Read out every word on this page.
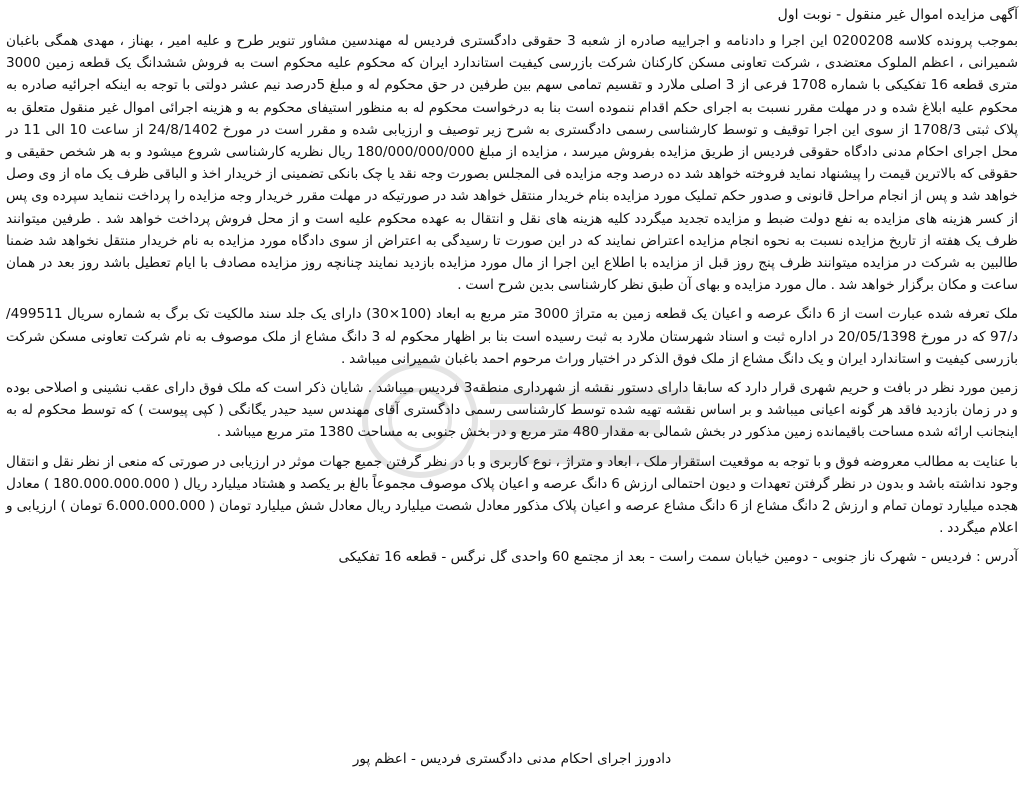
آگهی مزایده اموال غیر منقول - نوبت اول

بموجب پرونده کلاسه 0200208 این اجرا و دادنامه و اجراییه صادره از شعبه 3 حقوقی دادگستری فردیس له مهندسین مشاور تنویر طرح و علیه امیر ، بهناز ، مهدی همگی باغبان شمیرانی ، اعظم الملوک معتضدی ، شرکت تعاونی مسکن کارکنان شرکت بازرسی کیفیت استاندارد ایران که محکوم علیه محکوم است به فروش ششدانگ یک قطعه زمین 3000 متری قطعه 16 تفکیکی با شماره 1708 فرعی از 3 اصلی ملارد و تقسیم تمامی سهم بین طرفین در حق محکوم له و مبلغ 5درصد نیم عشر دولتی با توجه به اینکه اجرائیه صادره به محکوم علیه ابلاغ شده و در مهلت مقرر نسبت به اجرای حکم اقدام ننموده است بنا به درخواست محکوم له به منظور استیفای محکوم به و هزینه اجرائی اموال غیر منقول متعلق به پلاک ثبتی 1708/3 از سوی این اجرا توقیف و توسط کارشناسی رسمی دادگستری به شرح زیر توصیف و ارزیابی شده و مقرر است در مورخ 24/8/1402 از ساعت 10 الی 11 در محل اجرای احکام مدنی دادگاه حقوقی فردیس از طریق مزایده بفروش میرسد ، مزایده از مبلغ 180/000/000/000 ریال نظریه کارشناسی شروع میشود و به هر شخص حقیقی و حقوقی که بالاترین قیمت را پیشنهاد نماید فروخته خواهد شد ده درصد وجه مزایده فی المجلس بصورت وجه نقد یا چک بانکی تضمینی از خریدار اخذ و الباقی ظرف یک ماه از وی وصل خواهد شد و پس از انجام مراحل قانونی و صدور حکم تملیک مورد مزایده بنام خریدار منتقل خواهد شد در صورتیکه در مهلت مقرر خریدار وجه مزایده را پرداخت ننماید سپرده وی پس از کسر هزینه های مزایده به نفع دولت ضبط و مزایده تجدید میگردد کلیه هزینه های نقل و انتقال به عهده محکوم علیه است و از محل فروش پرداخت خواهد شد . طرفین میتوانند ظرف یک هفته از تاریخ مزایده نسبت به نحوه انجام مزایده اعتراض نمایند که در این صورت تا رسیدگی به اعتراض از سوی دادگاه مورد مزایده به نام خریدار منتقل نخواهد شد ضمنا طالبین به شرکت در مزایده میتوانند ظرف پنج روز قبل از مزایده با اطلاع این اجرا از مال مورد مزایده بازدید نمایند چنانچه روز مزایده مصادف با ایام تعطیل باشد روز بعد در همان ساعت و مکان برگزار خواهد شد . مال مورد مزایده و بهای آن طبق نظر کارشناسی بدین شرح است .

ملک تعرفه شده عبارت است از 6 دانگ عرصه و اعیان یک قطعه زمین به متراژ 3000 متر مربع به ابعاد (100×30) دارای یک جلد سند مالکیت تک برگ به شماره سریال 499511/د/97 که در مورخ 20/05/1398 در اداره ثبت و اسناد شهرستان ملارد به ثبت رسیده است بنا بر اظهار محکوم له 3 دانگ مشاع از ملک موصوف به نام شرکت تعاونی مسکن شرکت بازرسی کیفیت و استاندارد ایران و یک دانگ مشاع از ملک فوق الذکر در اختیار وراث مرحوم احمد باغبان شمیرانی میباشد .

زمین مورد نظر در بافت و حریم شهری قرار دارد که سابقا دارای دستور نقشه از شهرداری منطقه3 فردیس میباشد . شایان ذکر است که ملک فوق دارای عقب نشینی و اصلاحی بوده و در زمان بازدید فاقد هر گونه اعیانی میباشد و بر اساس نقشه تهیه شده توسط کارشناسی رسمی دادگستری آقای مهندس سید حیدر یگانگی ( کپی پیوست ) که توسط محکوم له به اینجانب ارائه شده مساحت باقیمانده زمین مذکور در بخش شمالی به مقدار 480 متر مربع و در بخش جنوبی به مساحت 1380 متر مربع میباشد .

با عنایت به مطالب معروضه فوق و با توجه به موقعیت استقرار ملک ، ابعاد و متراژ ، نوع کاربری و با در نظر گرفتن جمیع جهات موثر در ارزیابی در صورتی که منعی از نظر نقل و انتقال وجود نداشته باشد و بدون در نظر گرفتن تعهدات و دیون احتمالی ارزش 6 دانگ عرصه و اعیان پلاک موصوف مجموعاً بالغ بر یکصد و هشتاد میلیارد ریال ( 180.000.000.000 ) معادل هجده میلیارد تومان تمام و ارزش 2 دانگ مشاع از 6 دانگ مشاع عرصه و اعیان پلاک مذکور معادل شصت میلیارد ریال معادل شش میلیارد تومان ( 6.000.000.000 تومان ) ارزیابی و اعلام میگردد .

آدرس : فردیس - شهرک ناز جنوبی - دومین خیابان سمت راست - بعد از مجتمع 60 واحدی گل نرگس - قطعه 16 تفکیکی

دادورز اجرای احکام مدنی دادگستری فردیس - اعظم پور
